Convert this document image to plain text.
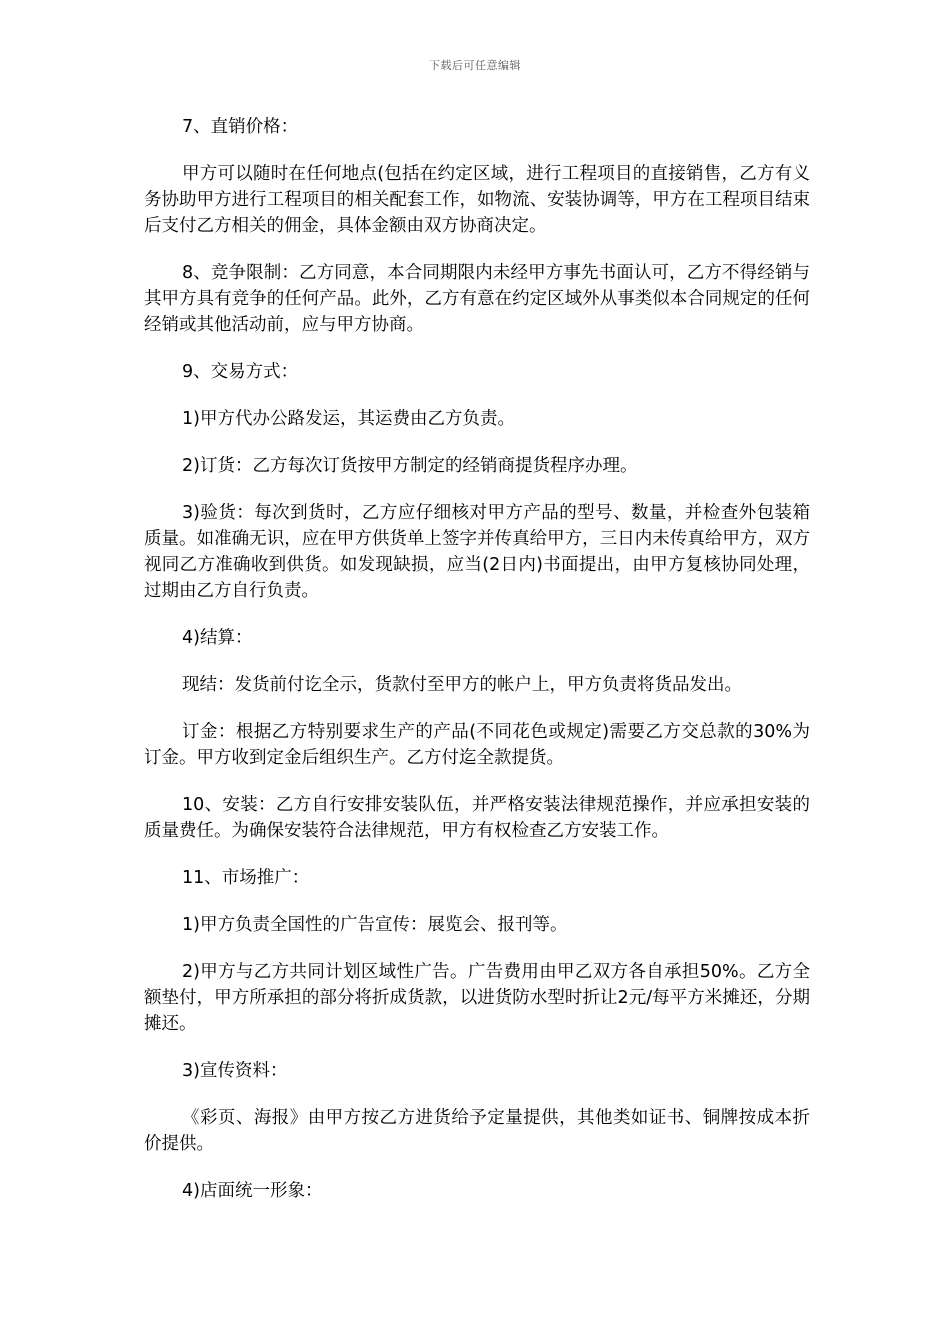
下载后可任意编辑

7、直销价格：

甲方可以随时在任何地点(包括在约定区域，进行工程项目的直接销售，乙方有义务协助甲方进行工程项目的相关配套工作，如物流、安装协调等，甲方在工程项目结束后支付乙方相关的佣金，具体金额由双方协商决定。

8、竞争限制：乙方同意，本合同期限内未经甲方事先书面认可，乙方不得经销与其甲方具有竞争的任何产品。此外，乙方有意在约定区域外从事类似本合同规定的任何经销或其他活动前，应与甲方协商。

9、交易方式：

1)甲方代办公路发运，其运费由乙方负责。

2)订货：乙方每次订货按甲方制定的经销商提货程序办理。

3)验货：每次到货时，乙方应仔细核对甲方产品的型号、数量，并检查外包装箱质量。如准确无识，应在甲方供货单上签字并传真给甲方，三日内未传真给甲方，双方视同乙方准确收到供货。如发现缺损，应当(2日内)书面提出，由甲方复核协同处理，过期由乙方自行负责。

4)结算：

现结：发货前付讫全示，货款付至甲方的帐户上，甲方负责将货品发出。

订金：根据乙方特别要求生产的产品(不同花色或规定)需要乙方交总款的30%为订金。甲方收到定金后组织生产。乙方付迄全款提货。

10、安装：乙方自行安排安装队伍，并严格安装法律规范操作，并应承担安装的质量费任。为确保安装符合法律规范，甲方有权检查乙方安装工作。

11、市场推广：

1)甲方负责全国性的广告宣传：展览会、报刊等。

2)甲方与乙方共同计划区域性广告。广告费用由甲乙双方各自承担50%。乙方全额垫付，甲方所承担的部分将折成货款，以进货防水型时折让2元/每平方米摊还，分期摊还。

3)宣传资料：

《彩页、海报》由甲方按乙方进货给予定量提供，其他类如证书、铜牌按成本折价提供。

4)店面统一形象：
